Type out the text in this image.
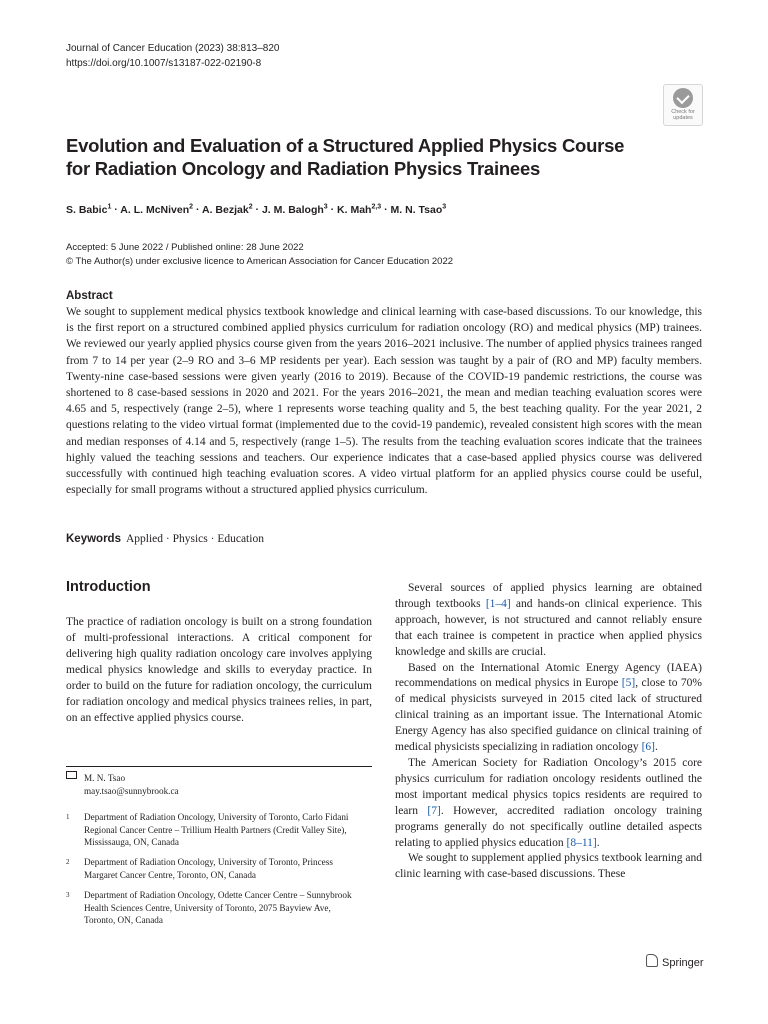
Journal of Cancer Education (2023) 38:813–820
https://doi.org/10.1007/s13187-022-02190-8
Check for
updates
Evolution and Evaluation of a Structured Applied Physics Course
for Radiation Oncology and Radiation Physics Trainees
S. Babic$^1$ · A. L. McNiven$^2$ · A. Bezjak$^2$ · J. M. Balogh$^3$ · K. Mah$^{2,3}$ · M. N. Tsao$^3$
Accepted: 5 June 2022 / Published online: 28 June 2022
© The Author(s) under exclusive licence to American Association for Cancer Education 2022
Abstract
We sought to supplement medical physics textbook knowledge and clinical learning with case-based discussions. To our knowledge, this is the first report on a structured combined applied physics curriculum for radiation oncology (RO) and medical physics (MP) trainees. We reviewed our yearly applied physics course given from the years 2016–2021 inclusive. The number of applied physics trainees ranged from 7 to 14 per year (2–9 RO and 3–6 MP residents per year). Each session was taught by a pair of (RO and MP) faculty members. Twenty-nine case-based sessions were given yearly (2016 to 2019). Because of the COVID-19 pandemic restrictions, the course was shortened to 8 case-based sessions in 2020 and 2021. For the years 2016–2021, the mean and median teaching evaluation scores were 4.65 and 5, respectively (range 2–5), where 1 represents worse teaching quality and 5, the best teaching quality. For the year 2021, 2 questions relating to the video virtual format (implemented due to the covid-19 pandemic), revealed consistent high scores with the mean and median responses of 4.14 and 5, respectively (range 1–5). The results from the teaching evaluation scores indicate that the trainees highly valued the teaching sessions and teachers. Our experience indicates that a case-based applied physics course was delivered successfully with continued high teaching evaluation scores. A video virtual platform for an applied physics course could be useful, especially for small programs without a structured applied physics curriculum.
Keywords Applied · Physics · Education
Introduction

The practice of radiation oncology is built on a strong foundation of multi-professional interactions. A critical component for delivering high quality radiation oncology care involves applying medical physics knowledge and skills to everyday practice. In order to build on the future for radiation oncology, the curriculum for radiation oncology and medical physics trainees relies, in part, on an effective applied physics course.

Several sources of applied physics learning are obtained through textbooks [1–4] and hands-on clinical experience. This approach, however, is not structured and cannot reliably ensure that each trainee is competent in practice when applied physics knowledge and skills are crucial.

Based on the International Atomic Energy Agency (IAEA) recommendations on medical physics in Europe [5], close to 70% of medical physicists surveyed in 2015 cited lack of structured clinical training as an important issue. The International Atomic Energy Agency has also specified guidance on clinical training of medical physicists specializing in radiation oncology [6].

The American Society for Radiation Oncology’s 2015 core physics curriculum for radiation oncology residents outlined the most important medical physics topics residents are required to learn [7]. However, accredited radiation oncology training programs generally do not specifically outline detailed aspects relating to applied physics education [8–11].

We sought to supplement applied physics textbook learning and clinic learning with case-based discussions. These

M. N. Tsao
may.tsao@sunnybrook.ca
1 Department of Radiation Oncology, University of Toronto, Carlo Fidani Regional Cancer Centre – Trillium Health Partners (Credit Valley Site), Mississauga, ON, Canada
2 Department of Radiation Oncology, University of Toronto, Princess Margaret Cancer Centre, Toronto, ON, Canada
3 Department of Radiation Oncology, Odette Cancer Centre – Sunnybrook Health Sciences Centre, University of Toronto, 2075 Bayview Ave, Toronto, ON, Canada
Springer
